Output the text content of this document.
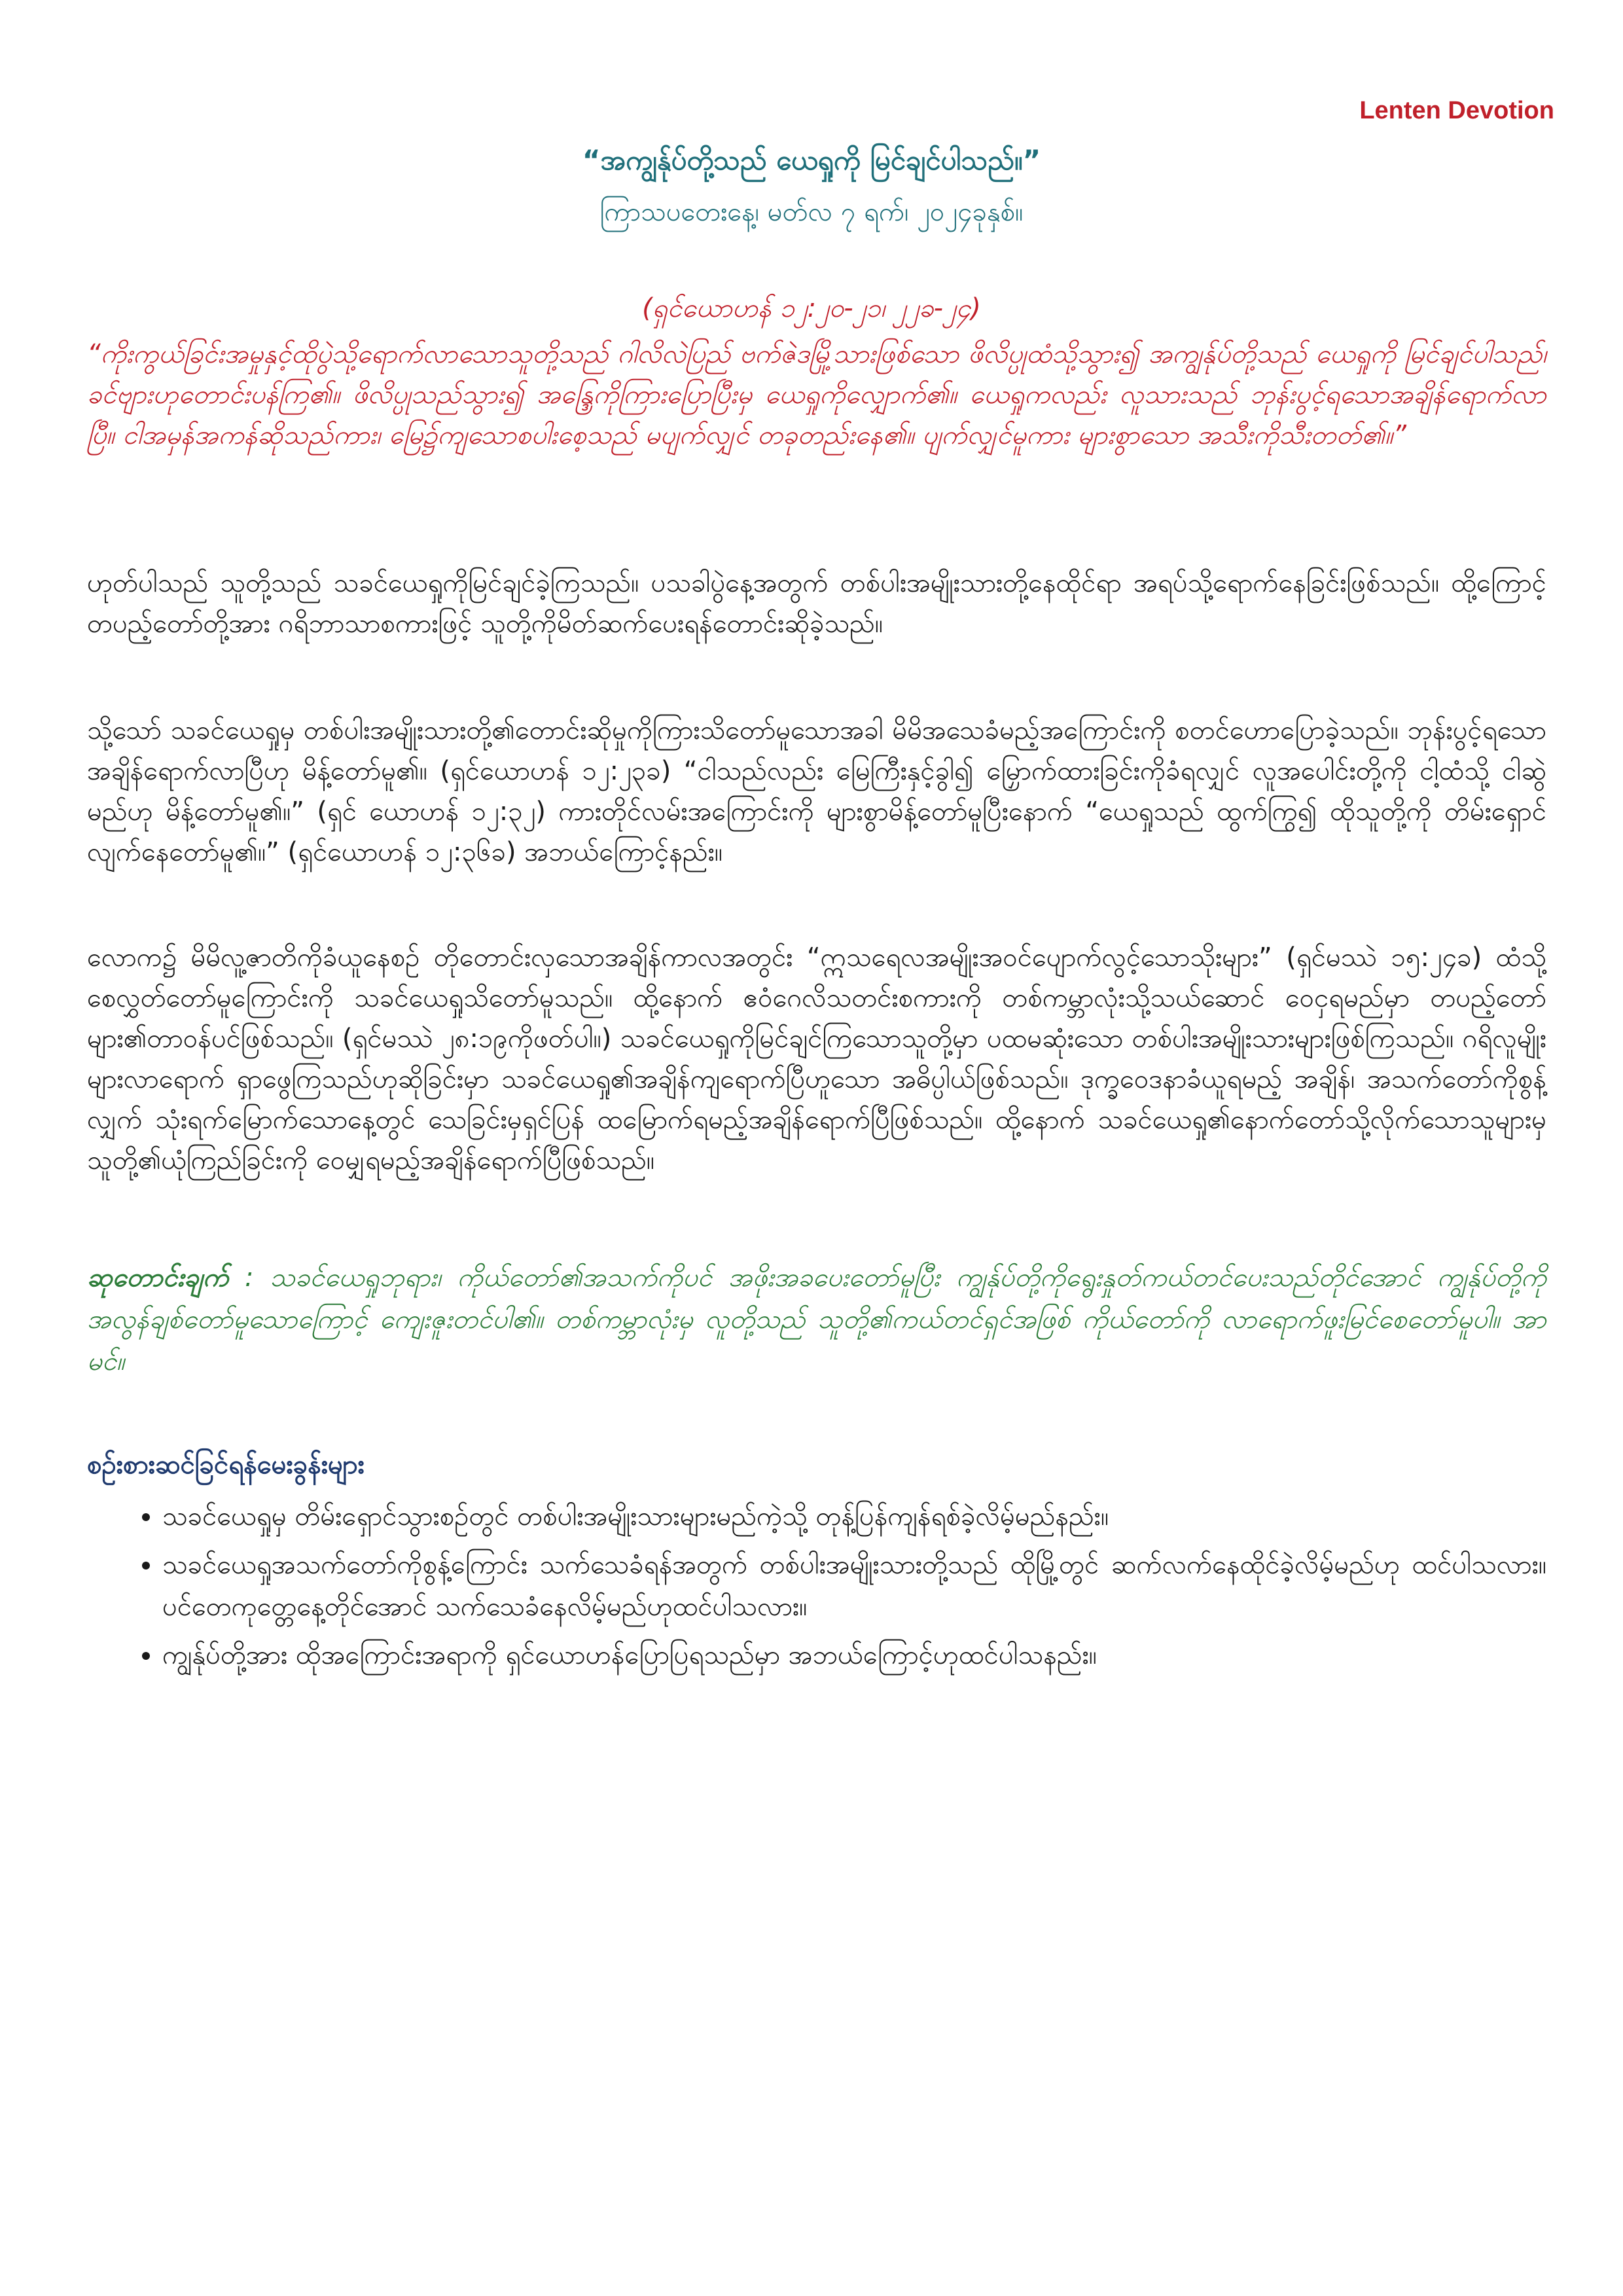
Lenten Devotion
“အကျွန်ုပ်တို့သည် ယေရှုကို မြင်ချင်ပါသည်။”
ကြာသပတေးနေ့၊ မတ်လ ၇ ရက်၊ ၂၀၂၄ခုနှစ်။
(ရှင်ယောဟန် ၁၂:၂၀-၂၁၊ ၂၂ခ-၂၄)
“ကိုးကွယ်ခြင်းအမှုနှင့်ထိုပွဲသို့ရောက်လာသောသူတို့သည် ဂါလိလဲပြည် ဗက်ဇဲဒမြို့သားဖြစ်သော ဖိလိပ္ပုထံသို့သွား၍ အကျွန်ုပ်တို့သည် ယေရှုကို မြင်ချင်ပါသည်၊ ခင်ဗျားဟုတောင်းပန်ကြ၏။ ဖိလိပ္ပုသည်သွား၍ အန္ဒြေကိုကြားပြောပြီးမှ ယေရှုကိုလျှောက်၏။ ယေရှုကလည်း လူသားသည် ဘုန်းပွင့်ရသောအချိန်ရောက်လာပြီ။ ငါအမှန်အကန်ဆိုသည်ကား၊ မြေ၌ကျသောစပါးစေ့သည် မပျက်လျှင် တခုတည်းနေ၏။ ပျက်လျှင်မူကား များစွာသော အသီးကိုသီးတတ်၏။”
ဟုတ်ပါသည် သူတို့သည် သခင်ယေရှုကိုမြင်ချင်ခဲ့ကြသည်။ ပသခါပွဲနေ့အတွက် တစ်ပါးအမျိုးသားတို့နေထိုင်ရာ အရပ်သို့ရောက်နေခြင်းဖြစ်သည်။ ထို့ကြောင့် တပည့်တော်တို့အား ဂရိဘာသာစကားဖြင့် သူတို့ကိုမိတ်ဆက်ပေးရန်တောင်းဆိုခဲ့သည်။
သို့သော် သခင်ယေရှုမှ တစ်ပါးအမျိုးသားတို့၏တောင်းဆိုမှုကိုကြားသိတော်မူသောအခါ မိမိအသေခံမည့်အကြောင်းကို စတင်ဟောပြောခဲ့သည်။ ဘုန်းပွင့်ရသောအချိန်ရောက်လာပြီဟု မိန့်တော်မူ၏။ (ရှင်ယောဟန် ၁၂:၂၃ခ) “ငါသည်လည်း မြေကြီးနှင့်ခွါ၍ မြှောက်ထားခြင်းကိုခံရလျှင် လူအပေါင်းတို့ကို ငါ့ထံသို့ ငါဆွဲမည်ဟု မိန့်တော်မူ၏။” (ရှင် ယောဟန် ၁၂:၃၂) ကားတိုင်လမ်းအကြောင်းကို များစွာမိန့်တော်မူပြီးနောက် “ယေရှုသည် ထွက်ကြွ၍ ထိုသူတို့ကို တိမ်းရှောင်လျက်နေတော်မူ၏။” (ရှင်ယောဟန် ၁၂:၃၆ခ) အဘယ်ကြောင့်နည်း။
လောက၌ မိမိလူ့ဇာတိကိုခံယူနေစဉ် တိုတောင်းလှသောအချိန်ကာလအတွင်း “ဣသရေလအမျိုးအဝင်ပျောက်လွင့်သောသိုးများ” (ရှင်မဿဲ ၁၅:၂၄ခ) ထံသို့ စေလွှတ်တော်မူကြောင်းကို သခင်ယေရှုသိတော်မူသည်။ ထို့နောက် ဧဝံဂေလိသတင်းစကားကို တစ်ကမ္ဘာလုံးသို့သယ်ဆောင် ဝေငှရမည်မှာ တပည့်တော်များ၏တာဝန်ပင်ဖြစ်သည်။ (ရှင်မဿဲ ၂၈:၁၉ကိုဖတ်ပါ။) သခင်ယေရှုကိုမြင်ချင်ကြသောသူတို့မှာ ပထမဆုံးသော တစ်ပါးအမျိုးသားများဖြစ်ကြသည်။ ဂရိလူမျိုးများလာရောက် ရှာဖွေကြသည်ဟုဆိုခြင်းမှာ သခင်ယေရှု၏အချိန်ကျရောက်ပြီဟူသော အဓိပ္ပါယ်ဖြစ်သည်။ ဒုက္ခဝေဒနာခံယူရမည့် အချိန်၊ အသက်တော်ကိုစွန့်လျှက် သုံးရက်မြောက်သောနေ့တွင် သေခြင်းမှရှင်ပြန် ထမြောက်ရမည့်အချိန်ရောက်ပြီဖြစ်သည်။ ထို့နောက် သခင်ယေရှု၏နောက်တော်သို့လိုက်သောသူများမှ သူတို့၏ယုံကြည်ခြင်းကို ဝေမျှရမည့်အချိန်ရောက်ပြီဖြစ်သည်။
ဆုတောင်းချက် : သခင်ယေရှုဘုရား၊ ကိုယ်တော်၏အသက်ကိုပင် အဖိုးအခပေးတော်မူပြီး ကျွန်ုပ်တို့ကိုရွေးနှုတ်ကယ်တင်ပေးသည်တိုင်အောင် ကျွန်ုပ်တို့ကို အလွန်ချစ်တော်မူသောကြောင့် ကျေးဇူးတင်ပါ၏။ တစ်ကမ္ဘာလုံးမှ လူတို့သည် သူတို့၏ကယ်တင်ရှင်အဖြစ် ကိုယ်တော်ကို လာရောက်ဖူးမြင်စေတော်မူပါ။ အာမင်။
စဉ်းစားဆင်ခြင်ရန်မေးခွန်းများ
• သခင်ယေရှုမှ တိမ်းရှောင်သွားစဉ်တွင် တစ်ပါးအမျိုးသားများမည်ကဲ့သို့ တုန့်ပြန်ကျန်ရစ်ခဲ့လိမ့်မည်နည်း။
• သခင်ယေရှုအသက်တော်ကိုစွန့်ကြောင်း သက်သေခံရန်အတွက် တစ်ပါးအမျိုးသားတို့သည် ထိုမြို့တွင် ဆက်လက်နေထိုင်ခဲ့လိမ့်မည်ဟု ထင်ပါသလား။ ပင်တေကုတ္တေနေ့တိုင်အောင် သက်သေခံနေလိမ့်မည်ဟုထင်ပါသလား။
• ကျွန်ုပ်တို့အား ထိုအကြောင်းအရာကို ရှင်ယောဟန်ပြောပြရသည်မှာ အဘယ်ကြောင့်ဟုထင်ပါသနည်း။
